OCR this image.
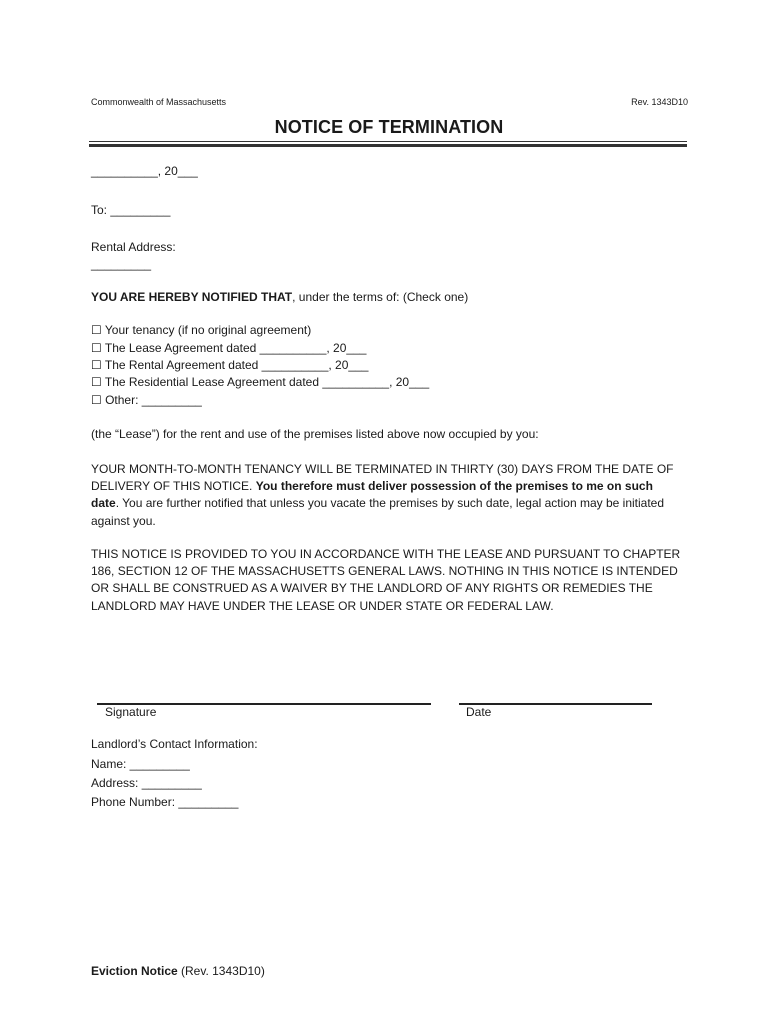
Commonwealth of Massachusetts	Rev. 1343D10
NOTICE OF TERMINATION
__________, 20___
To: _________
Rental Address:
_________
YOU ARE HEREBY NOTIFIED THAT, under the terms of: (Check one)
☐ Your tenancy (if no original agreement)
☐ The Lease Agreement dated __________, 20___
☐ The Rental Agreement dated __________, 20___
☐ The Residential Lease Agreement dated __________, 20___
☐ Other: _________
(the “Lease”) for the rent and use of the premises listed above now occupied by you:
YOUR MONTH-TO-MONTH TENANCY WILL BE TERMINATED IN THIRTY (30) DAYS FROM THE DATE OF DELIVERY OF THIS NOTICE. You therefore must deliver possession of the premises to me on such date. You are further notified that unless you vacate the premises by such date, legal action may be initiated against you.
THIS NOTICE IS PROVIDED TO YOU IN ACCORDANCE WITH THE LEASE AND PURSUANT TO CHAPTER 186, SECTION 12 OF THE MASSACHUSETTS GENERAL LAWS. NOTHING IN THIS NOTICE IS INTENDED OR SHALL BE CONSTRUED AS A WAIVER BY THE LANDLORD OF ANY RIGHTS OR REMEDIES THE LANDLORD MAY HAVE UNDER THE LEASE OR UNDER STATE OR FEDERAL LAW.
Signature	Date
Landlord’s Contact Information:
Name: _________
Address: _________
Phone Number: _________
Eviction Notice (Rev. 1343D10)
